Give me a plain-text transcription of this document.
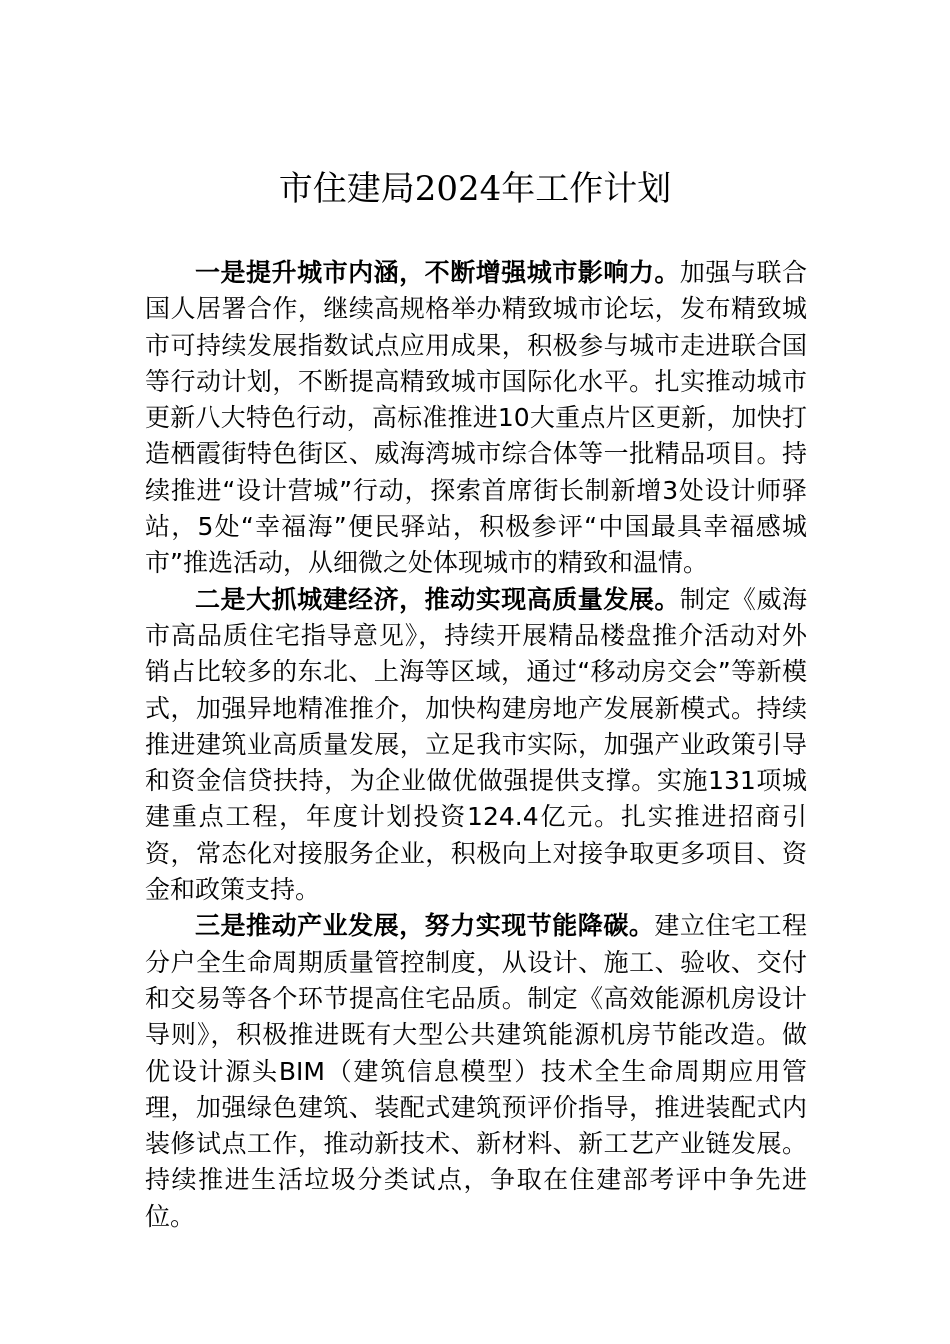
市住建局2024年工作计划

一是提升城市内涵，不断增强城市影响力。加强与联合国人居署合作，继续高规格举办精致城市论坛，发布精致城市可持续发展指数试点应用成果，积极参与城市走进联合国等行动计划，不断提高精致城市国际化水平。扎实推动城市更新八大特色行动，高标准推进10大重点片区更新，加快打造栖霞街特色街区、威海湾城市综合体等一批精品项目。持续推进“设计营城”行动，探索首席街长制新增3处设计师驿站，5处“幸福海”便民驿站，积极参评“中国最具幸福感城市”推选活动，从细微之处体现城市的精致和温情。

二是大抓城建经济，推动实现高质量发展。制定《威海市高品质住宅指导意见》，持续开展精品楼盘推介活动对外销占比较多的东北、上海等区域，通过“移动房交会”等新模式，加强异地精准推介，加快构建房地产发展新模式。持续推进建筑业高质量发展，立足我市实际，加强产业政策引导和资金信贷扶持，为企业做优做强提供支撑。实施131项城建重点工程，年度计划投资124.4亿元。扎实推进招商引资，常态化对接服务企业，积极向上对接争取更多项目、资金和政策支持。

三是推动产业发展，努力实现节能降碳。建立住宅工程分户全生命周期质量管控制度，从设计、施工、验收、交付和交易等各个环节提高住宅品质。制定《高效能源机房设计导则》，积极推进既有大型公共建筑能源机房节能改造。做优设计源头BIM（建筑信息模型）技术全生命周期应用管理，加强绿色建筑、装配式建筑预评价指导，推进装配式内装修试点工作，推动新技术、新材料、新工艺产业链发展。持续推进生活垃圾分类试点，争取在住建部考评中争先进位。
